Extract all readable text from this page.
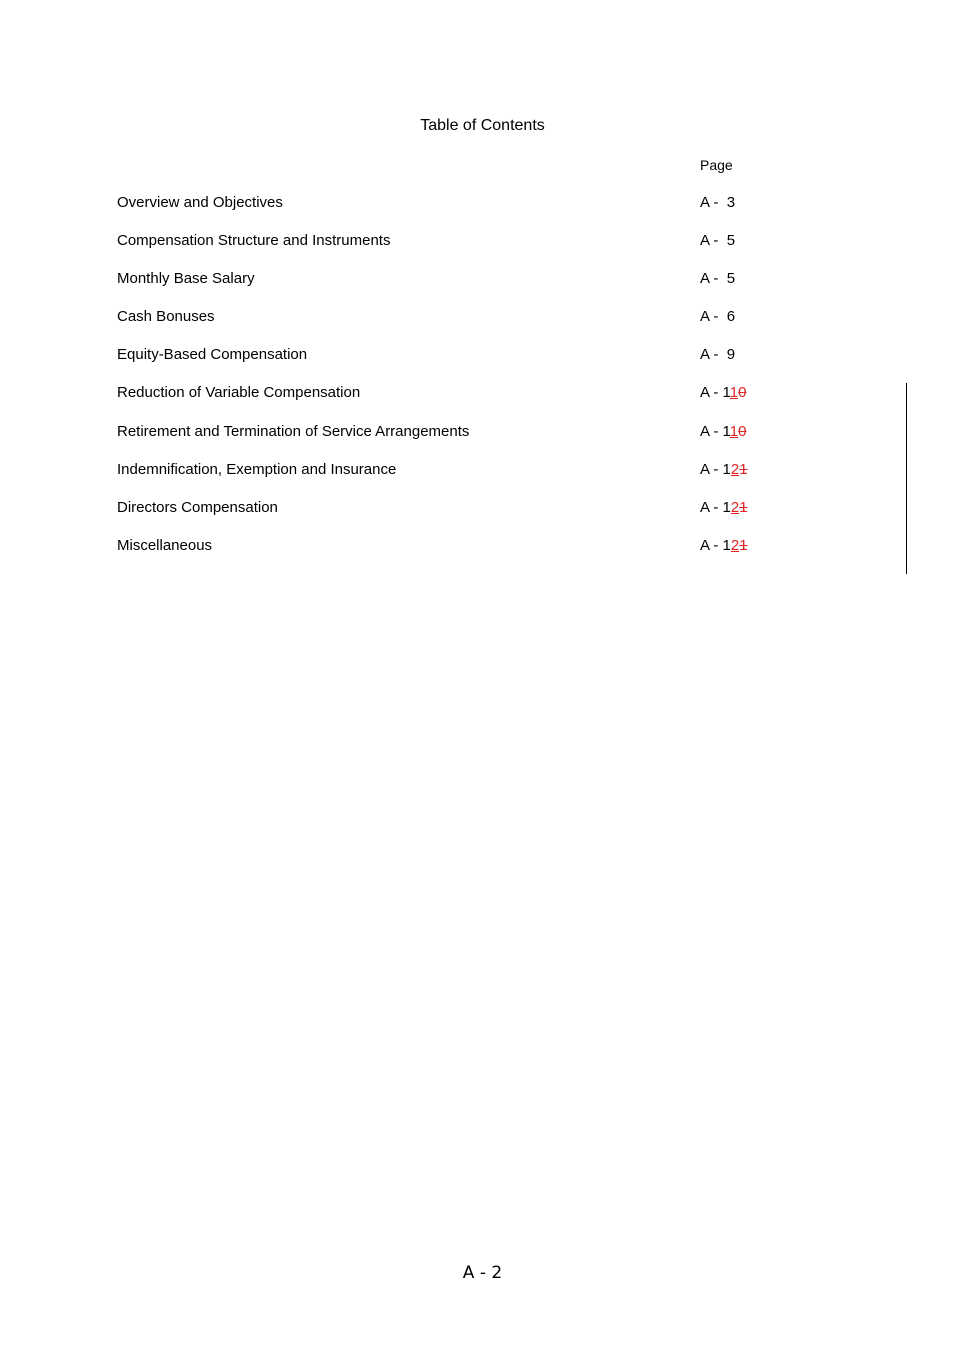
Table of Contents
Page
Overview and Objectives	A -  3
Compensation Structure and Instruments	A -  5
Monthly Base Salary	A -  5
Cash Bonuses	A -  6
Equity-Based Compensation	A -  9
Reduction of Variable Compensation	A - 110
Retirement and Termination of Service Arrangements	A - 110
Indemnification, Exemption and Insurance	A - 121
Directors Compensation	A - 121
Miscellaneous	A - 121
A - 2
